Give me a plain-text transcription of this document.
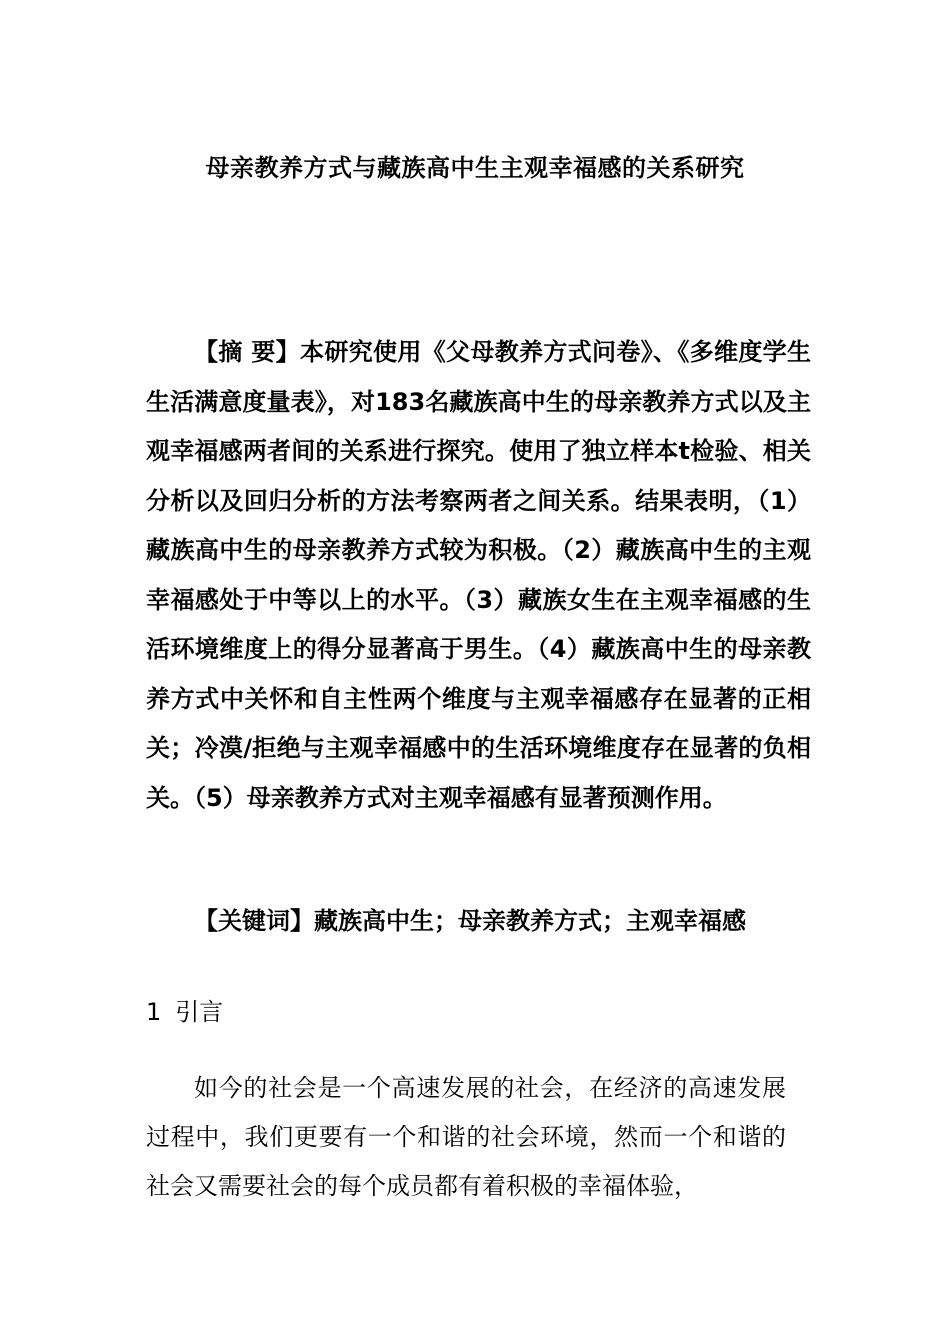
母亲教养方式与藏族高中生主观幸福感的关系研究

【摘 要】本研究使用《父母教养方式问卷》、《多维度学生生活满意度量表》，对183名藏族高中生的母亲教养方式以及主观幸福感两者间的关系进行探究。使用了独立样本t检验、相关分析以及回归分析的方法考察两者之间关系。结果表明，（1）藏族高中生的母亲教养方式较为积极。（2）藏族高中生的主观幸福感处于中等以上的水平。（3）藏族女生在主观幸福感的生活环境维度上的得分显著高于男生。（4）藏族高中生的母亲教养方式中关怀和自主性两个维度与主观幸福感存在显著的正相关；冷漠/拒绝与主观幸福感中的生活环境维度存在显著的负相关。（5）母亲教养方式对主观幸福感有显著预测作用。

【关键词】藏族高中生；母亲教养方式；主观幸福感

1 引言

如今的社会是一个高速发展的社会，在经济的高速发展过程中，我们更要有一个和谐的社会环境，然而一个和谐的社会又需要社会的每个成员都有着积极的幸福体验，
